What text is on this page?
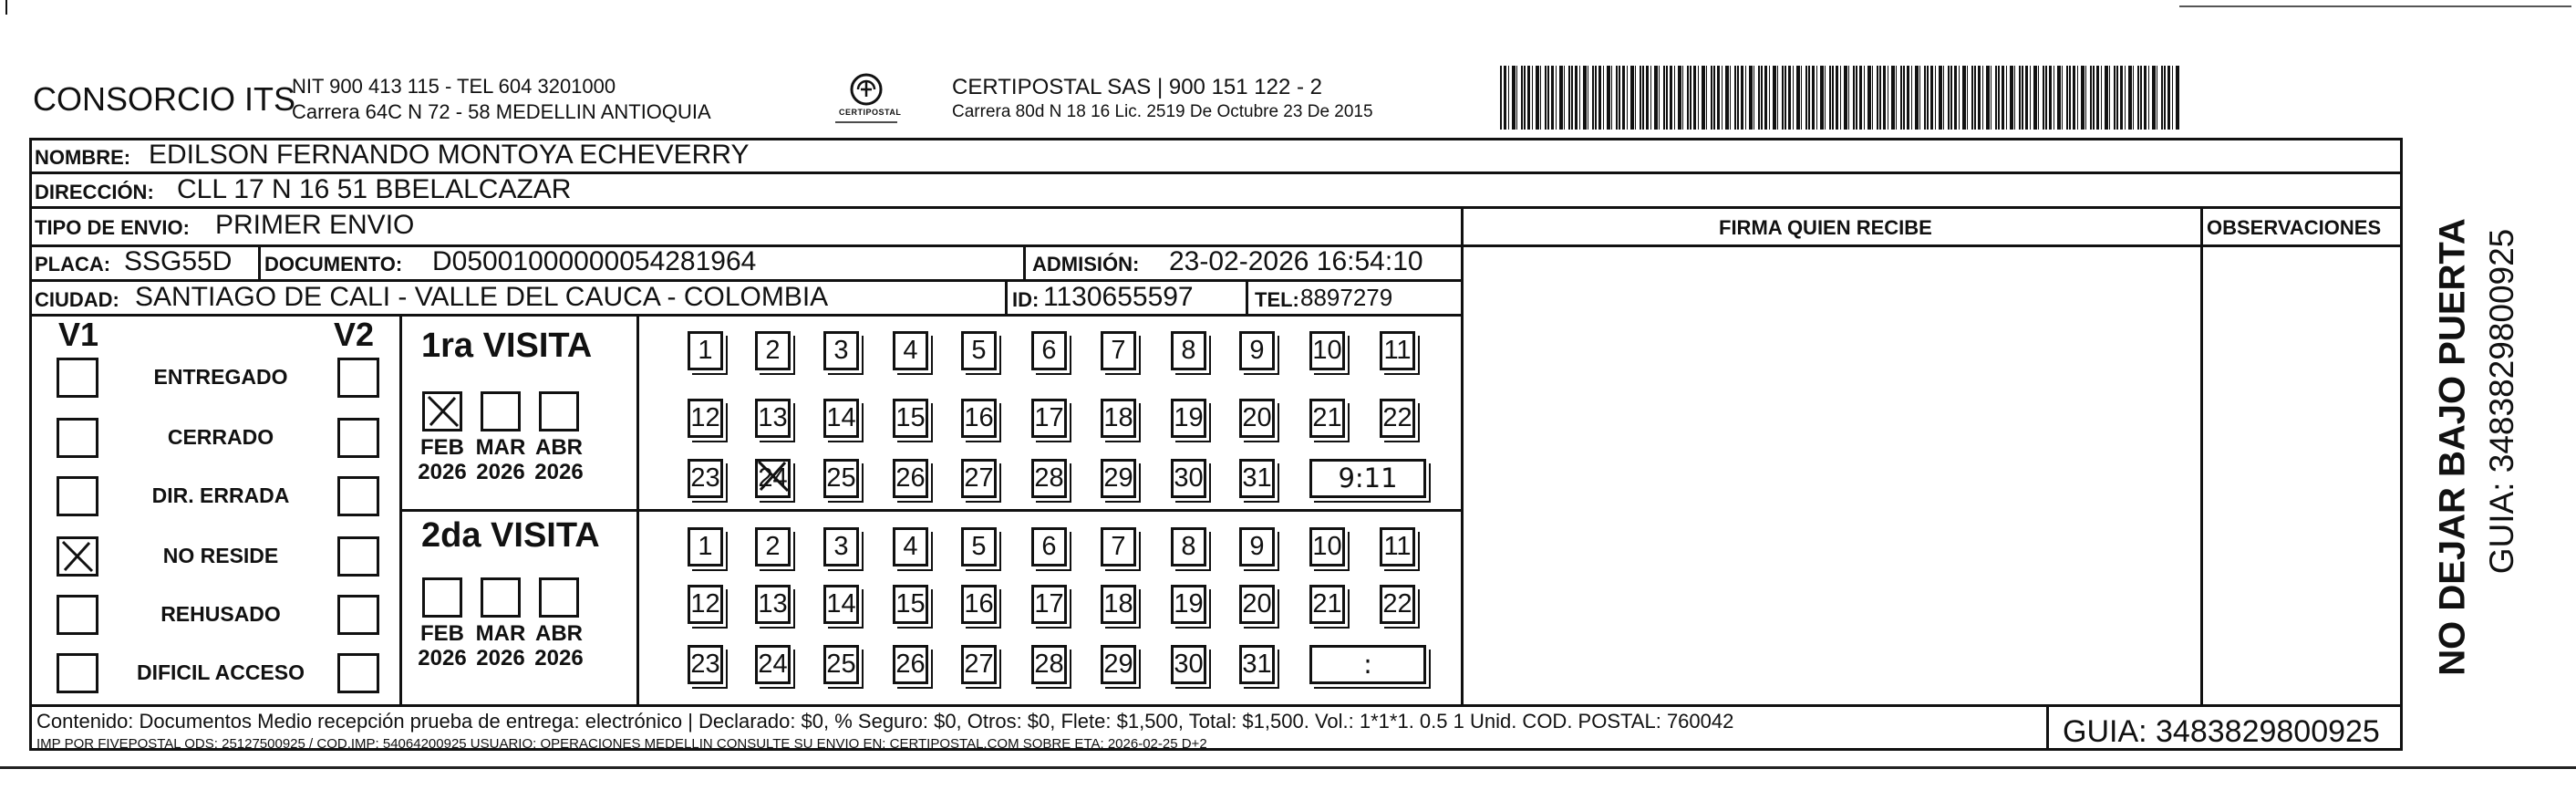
CONSORCIO ITS
NIT 900 413 115 - TEL 604 3201000
Carrera 64C N 72 - 58 MEDELLIN ANTIOQUIA	CERTIPOSTAL
CERTIPOSTAL SAS | 900 151 122 - 2
Carrera 80d N 18 16 Lic. 2519 De Octubre 23 De 2015
NOMBRE: EDILSON FERNANDO MONTOYA ECHEVERRY
DIRECCIÓN: CLL 17 N 16 51 BBELALCAZAR
TIPO DE ENVIO: PRIMER ENVIO	FIRMA QUIEN RECIBE	OBSERVACIONES
PLACA: SSG55D DOCUMENTO: D05001000000054281964	ADMISIÓN: 23-02-2026 16:54:10
CIUDAD: SANTIAGO DE CALI - VALLE DEL CAUCA - COLOMBIA	ID: 1130655597	TEL: 8897279
V1	V2
ENTREGADO
CERRADO
DIR. ERRADA
NO RESIDE
REHUSADO
DIFICIL ACCESO
1ra VISITA
2da VISITA
FEB
2026
MAR
2026
ABR
2026
1	2	3	4	5	6	7	8	9	10 11
12 13 14 15 16 17 18 19 20 21 22
23 24 25 26 27 28 29 30 31	9:11
FEB
2026
MAR
2026
ABR
2026
1	2	3	4	5	6	7	8	9	10 11
12 13 14 15 16 17 18 19 20 21 22
23 24 25 26 27 28 29 30 31	:
Contenido: Documentos Medio recepción prueba de entrega: electrónico | Declarado: $0, % Seguro: $0, Otros: $0, Flete: $1,500, Total: $1,500. Vol.: 1*1*1. 0.5 1 Unid. COD. POSTAL: 760042
IMP POR FIVEPOSTAL ODS: 25127500925 / COD.IMP: 54064200925 USUARIO: OPERACIONES MEDELLIN CONSULTE SU ENVIO EN: CERTIPOSTAL.COM SOBRE ETA: 2026-02-25 D+2	GUIA: 3483829800925
NO DEJAR BAJO PUERTA GUIA: 3483829800925
